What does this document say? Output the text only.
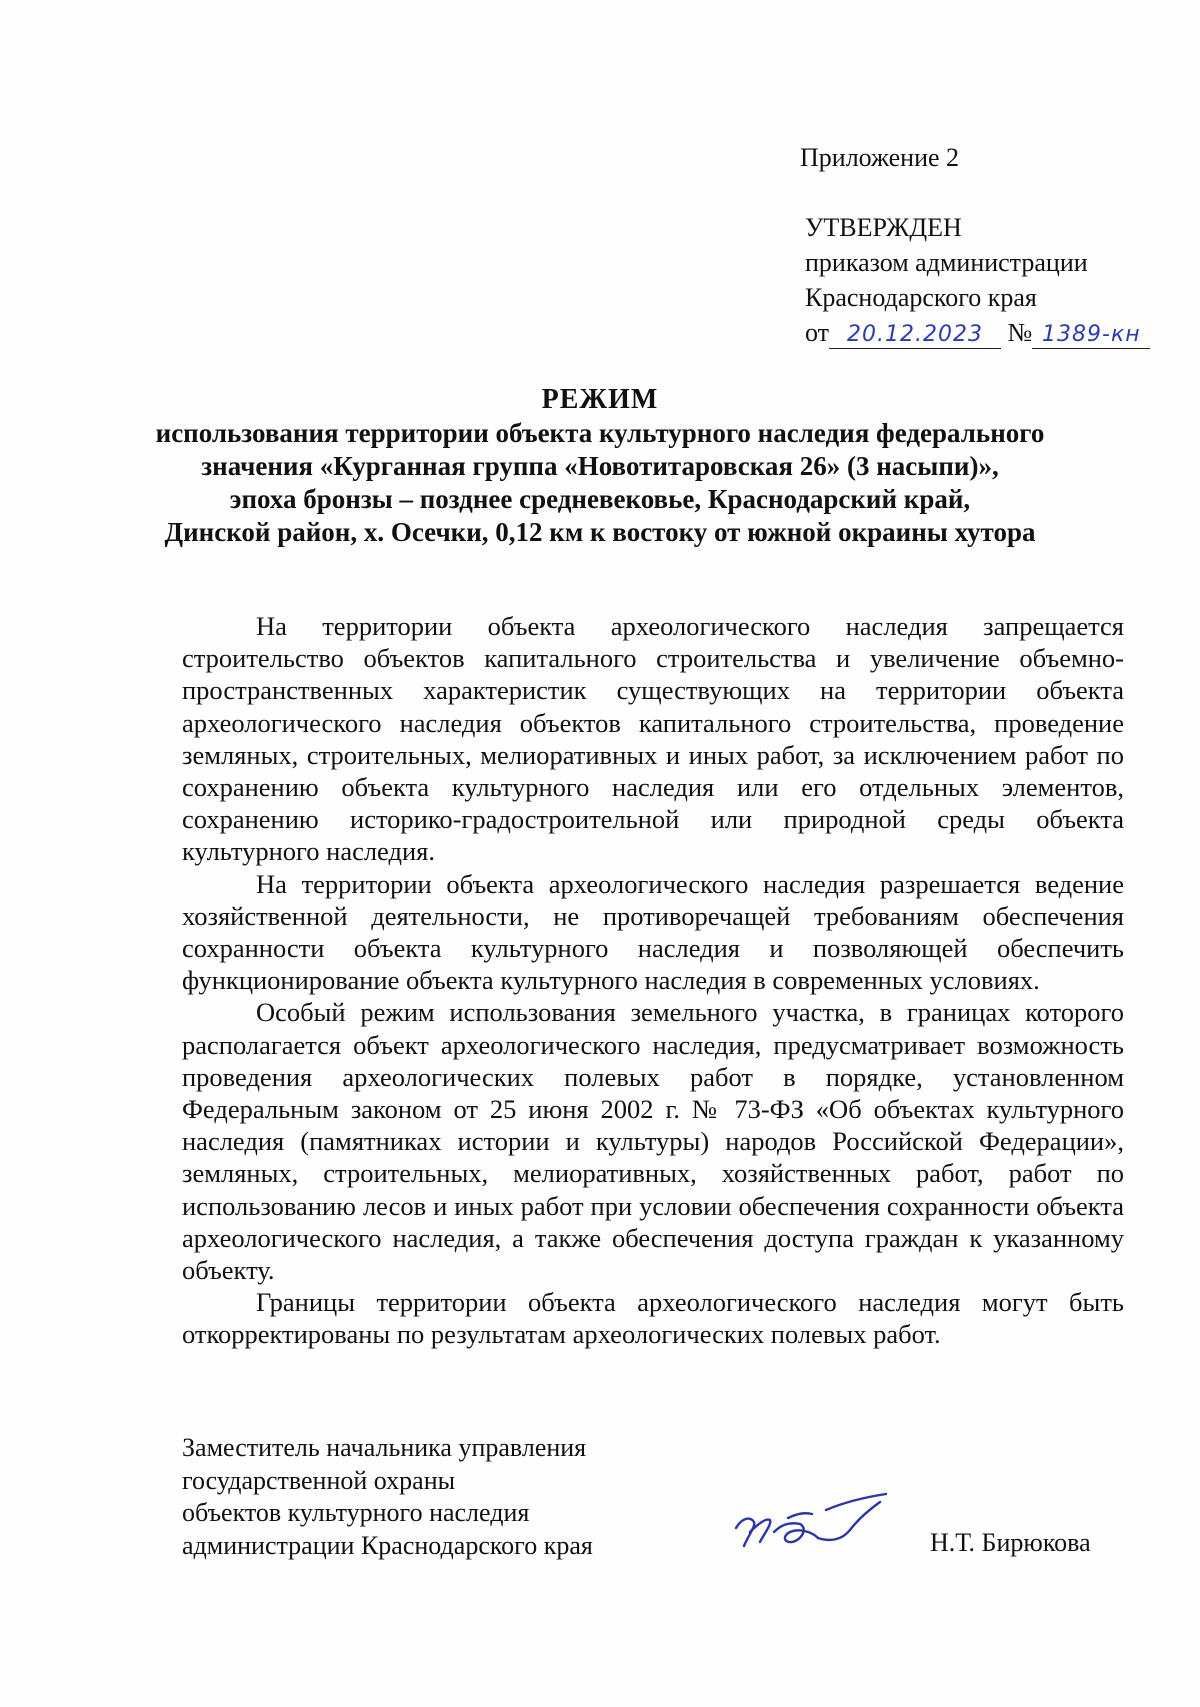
Приложение 2
УТВЕРЖДЕН
приказом администрации
Краснодарского края
от 20.12.2023 № 1389-кн
РЕЖИМ
использования территории объекта культурного наследия федерального
значения «Курганная группа «Новотитаровская 26» (3 насыпи)»,
эпоха бронзы – позднее средневековье, Краснодарский край,
Динской район, х. Осечки, 0,12 км к востоку от южной окраины хутора

На территории объекта археологического наследия запрещается строительство объектов капитального строительства и увеличение объемно-пространственных характеристик существующих на территории объекта археологического наследия объектов капитального строительства, проведение земляных, строительных, мелиоративных и иных работ, за исключением работ по сохранению объекта культурного наследия или его отдельных элементов, сохранению историко-градостроительной или природной среды объекта культурного наследия.

На территории объекта археологического наследия разрешается ведение хозяйственной деятельности, не противоречащей требованиям обеспечения сохранности объекта культурного наследия и позволяющей обеспечить функционирование объекта культурного наследия в современных условиях.

Особый режим использования земельного участка, в границах которого располагается объект археологического наследия, предусматривает возможность проведения археологических полевых работ в порядке, установленном Федеральным законом от 25 июня 2002 г. № 73-ФЗ «Об объектах культурного наследия (памятниках истории и культуры) народов Российской Федерации», земляных, строительных, мелиоративных, хозяйственных работ, работ по использованию лесов и иных работ при условии обеспечения сохранности объекта археологического наследия, а также обеспечения доступа граждан к указанному объекту.

Границы территории объекта археологического наследия могут быть откорректированы по результатам археологических полевых работ.

Заместитель начальника управления
государственной охраны
объектов культурного наследия
администрации Краснодарского края	Н.Т. Бирюкова
